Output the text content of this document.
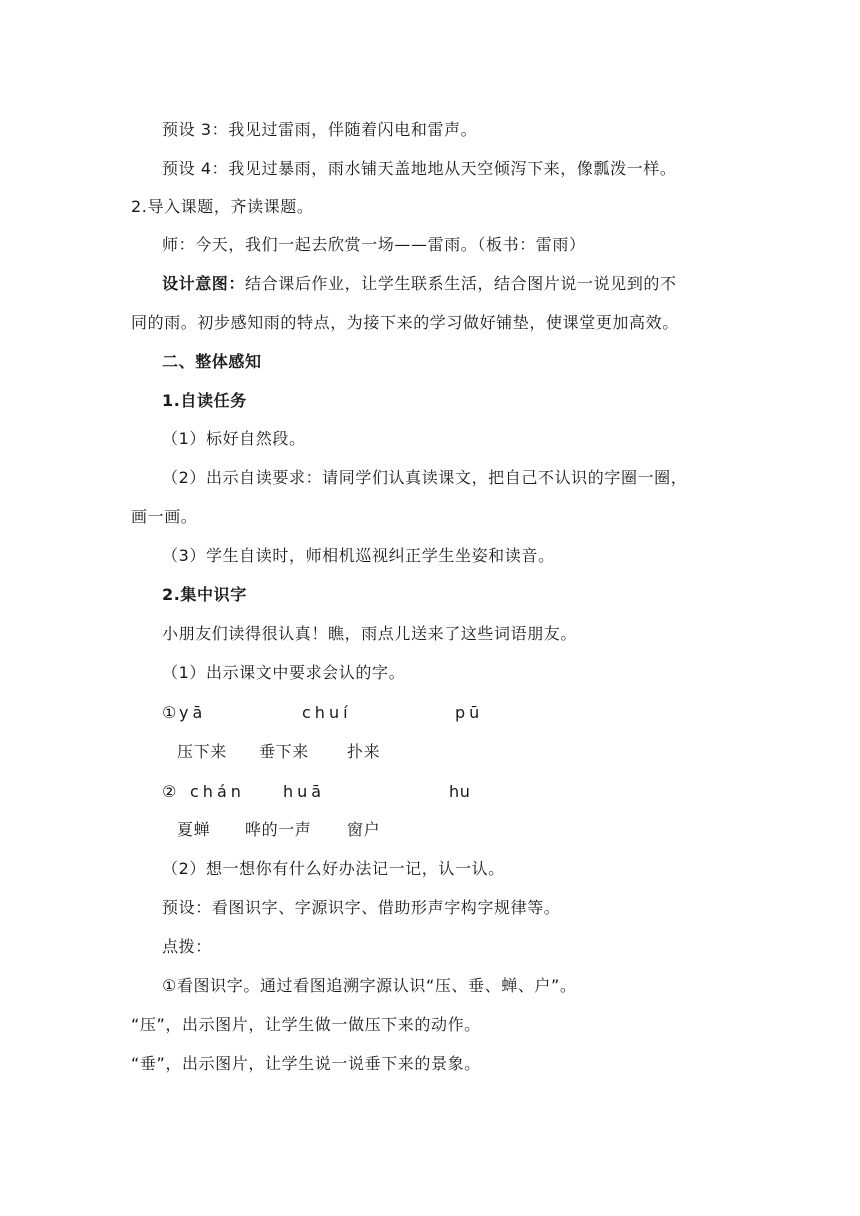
预设 3：我见过雷雨，伴随着闪电和雷声。
预设 4：我见过暴雨，雨水铺天盖地地从天空倾泻下来，像瓢泼一样。
2.导入课题，齐读课题。
师：今天，我们一起去欣赏一场——雷雨。（板书：雷雨）
设计意图：结合课后作业，让学生联系生活，结合图片说一说见到的不
同的雨。初步感知雨的特点，为接下来的学习做好铺垫，使课堂更加高效。
二、整体感知
1.自读任务
（1）标好自然段。
（2）出示自读要求：请同学们认真读课文，把自己不认识的字圈一圈，
画一画。
（3）学生自读时，师相机巡视纠正学生坐姿和读音。
2.集中识字
小朋友们读得很认真！瞧，雨点儿送来了这些词语朋友。
（1）出示课文中要求会认的字。
① yā	chuí	pū
压下来 垂下来 扑来
② chán huā	hu
夏蝉 哗的一声 窗户
（2）想一想你有什么好办法记一记，认一认。
预设：看图识字、字源识字、借助形声字构字规律等。
点拨：
①看图识字。通过看图追溯字源认识“压、垂、蝉、户”。
“压”，出示图片，让学生做一做压下来的动作。
“垂”，出示图片，让学生说一说垂下来的景象。
